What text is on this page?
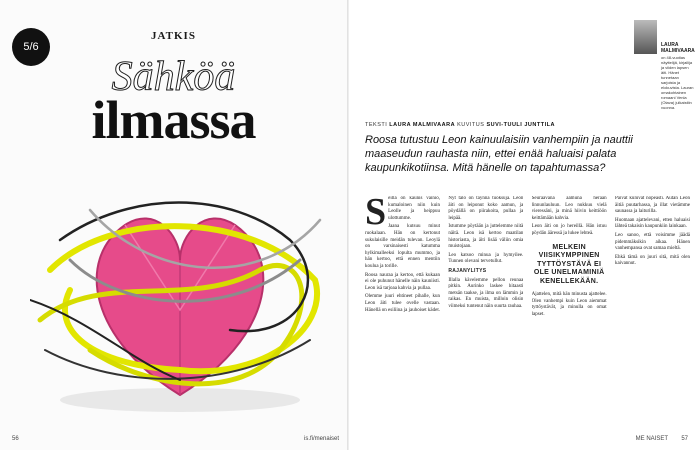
5/6
JATKIS
Sähköä
ilmassa
56	is.fi/menaiset
LAURA MALMIVAARA
on 48-vuotias näyttelijä, kirjailija ja viiden lapsen äiti. Hänet tunnetaan sarjoista ja elokuvista. Lauran omakohtainen romaani Venla (Otava) julkaistiin vuonna.
TEKSTI LAURA MALMIVAARA KUVITUS SUVI-TUULI JUNTTILA
Roosa tutustuu Leon kainuulaisiin vanhempiin ja nauttii maaseudun rauhasta niin, ettei enää haluaisi palata kaupunkikotiinsa. Mitä hänelle on tapahtumassa?
S eilla on kaunis vainio, kumaloinen niin kuin Leolle ja heippuu ulottumme.

Jaana kutsuu minut ruokalaan. Hän on kertonut sukulaisille meidän tulevan. Leoylä on varsinaisesti katumma hylkimalleeksi lopulta mummo, ja hän kertoo, että ennen mentiin koulua ja torille.

Roosa nauraa ja kertoo, että kukaan ei ole puhunut hänelle näin kauniisti. Leon isä tarjoaa kahvia ja pullaa.

Olemme juuri ehtineet pihalle, kun Leon äiti tulee ovelle vastaan. Hänellä on esiliina ja jauhoiset kädet.

Nyt talo on täynnä tuoksuja. Leon äiti on leiponut koko aamun, ja pöydällä on piirakoita, pullaa ja leipää.

Istumme pöytään ja juttelemme niitä näitä. Leon isä kertoo maatilan historiasta, ja äiti lisää väliin omia muistojaan.

Leo katsoo minua ja hymyilee. Tunnen olevani tervetullut.

RAJANYLITYS

Illalla kävelemme pellon reunaa pitkin. Aurinko laskee hitaasti metsän taakse, ja ilma on lämmin ja raikas. En muista, milloin olisin viimeksi tuntenut näin suurta rauhaa.

Seuraavana aamuna herään linnunlauluun. Leo nukkuu vielä vieressäni, ja minä hiivin keittiöön keittämään kahvia.

Leon äiti on jo hereillä. Hän istuu pöydän ääressä ja lukee lehteä.

MELKEIN VIISIKYMPPINEN TYTTÖYSTÄVÄ EI OLE UNELMAMINIÄ KENELLEKÄÄN.

Ajattelen, mitä hän minusta ajattelee. Olen vanhempi kuin Leon aiemmat tyttöystävät, ja minulla on omat lapset.

Päivät kuluvat nopeasti. Autan Leon äitiä puutarhassa, ja illat vietämme saunassa ja laiturilla.

Huomaan ajattelevani, etten haluaisi lähteä takaisin kaupunkiin lainkaan.

Leo sanoo, että voisimme jäädä pidemmäksikin aikaa. Hänen vanhempansa ovat samaa mieltä.

Ehkä tämä on juuri sitä, mitä olen kaivannut.

ME NAISET 57
